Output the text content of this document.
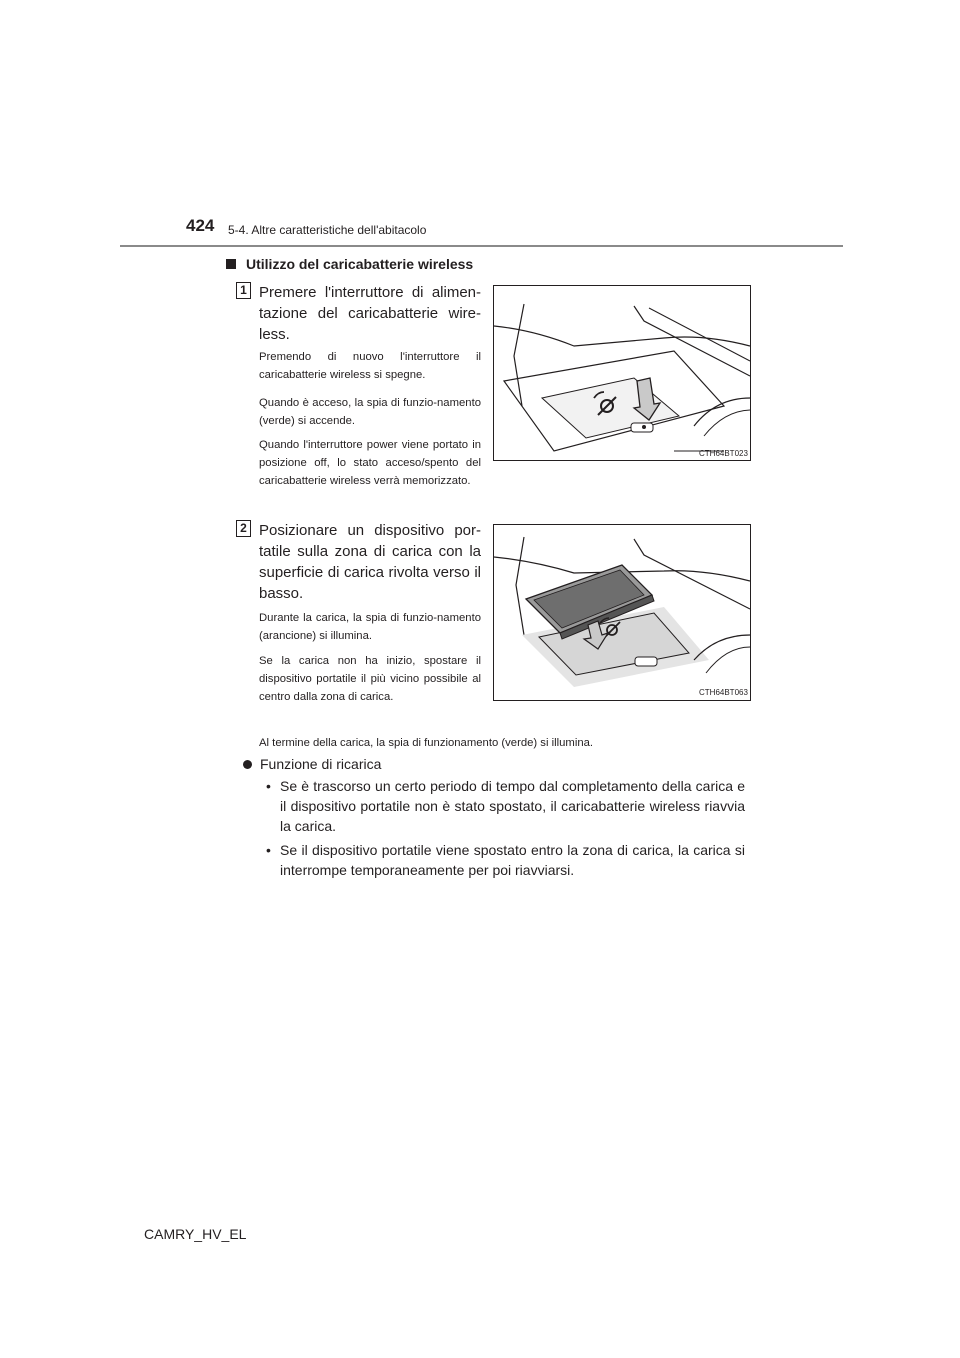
424 5-4. Altre caratteristiche dell'abitacolo
Utilizzo del caricabatterie wireless
1 Premere l'interruttore di alimen-tazione del caricabatterie wire-less.
Premendo di nuovo l'interruttore il caricabatterie wireless si spegne.
Quando è acceso, la spia di funzio-namento (verde) si accende.
Quando l'interruttore power viene portato in posizione off, lo stato acceso/spento del caricabatterie wireless verrà memorizzato.
CTH64BT023
2 Posizionare un dispositivo por-tatile sulla zona di carica con la superficie di carica rivolta verso il basso.
Durante la carica, la spia di funzio-namento (arancione) si illumina.
Se la carica non ha inizio, spostare il dispositivo portatile il più vicino possibile al centro dalla zona di carica.	CTH64BT063
Al termine della carica, la spia di funzionamento (verde) si illumina.
Funzione di ricarica
• Se è trascorso un certo periodo di tempo dal completamento della carica e il dispositivo portatile non è stato spostato, il caricabatterie wireless riavvia la carica.
• Se il dispositivo portatile viene spostato entro la zona di carica, la carica si interrompe temporaneamente per poi riavviarsi.
CAMRY_HV_EL
